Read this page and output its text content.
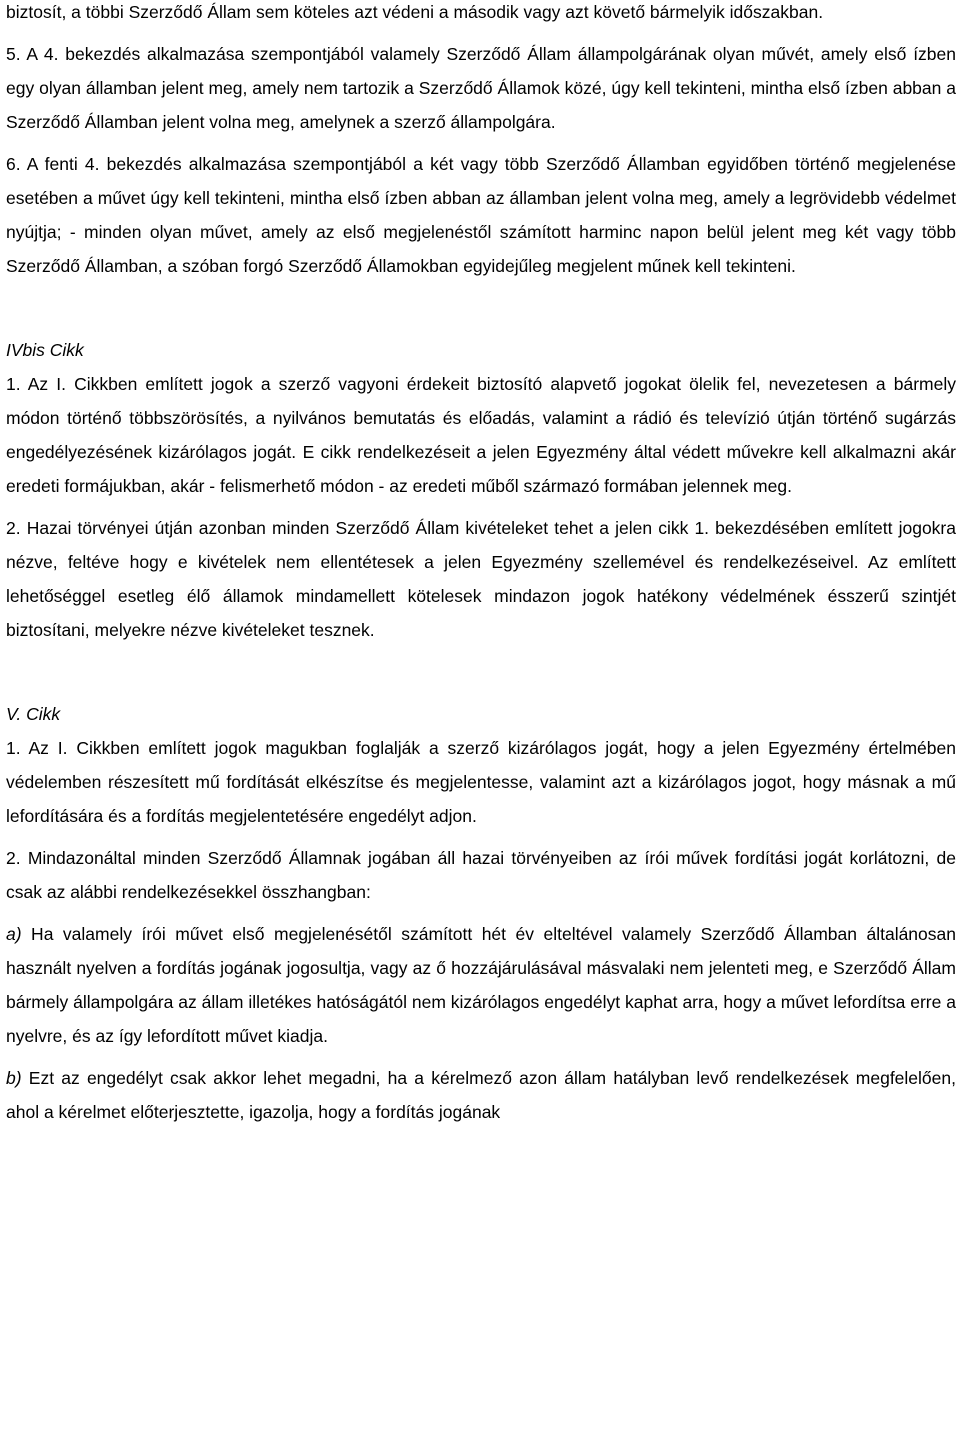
biztosít, a többi Szerződő Állam sem köteles azt védeni a második vagy azt követő bármelyik időszakban.

5. A 4. bekezdés alkalmazása szempontjából valamely Szerződő Állam állampolgárának olyan művét, amely első ízben egy olyan államban jelent meg, amely nem tartozik a Szerződő Államok közé, úgy kell tekinteni, mintha első ízben abban a Szerződő Államban jelent volna meg, amelynek a szerző állampolgára.

6. A fenti 4. bekezdés alkalmazása szempontjából a két vagy több Szerződő Államban egyidőben történő megjelenése esetében a művet úgy kell tekinteni, mintha első ízben abban az államban jelent volna meg, amely a legrövidebb védelmet nyújtja; - minden olyan művet, amely az első megjelenéstől számított harminc napon belül jelent meg két vagy több Szerződő Államban, a szóban forgó Szerződő Államokban egyidejűleg megjelent műnek kell tekinteni.

IVbis Cikk

1. Az I. Cikkben említett jogok a szerző vagyoni érdekeit biztosító alapvető jogokat ölelik fel, nevezetesen a bármely módon történő többszörösítés, a nyilvános bemutatás és előadás, valamint a rádió és televízió útján történő sugárzás engedélyezésének kizárólagos jogát. E cikk rendelkezéseit a jelen Egyezmény által védett művekre kell alkalmazni akár eredeti formájukban, akár - felismerhető módon - az eredeti műből származó formában jelennek meg.

2. Hazai törvényei útján azonban minden Szerződő Állam kivételeket tehet a jelen cikk 1. bekezdésében említett jogokra nézve, feltéve hogy e kivételek nem ellentétesek a jelen Egyezmény szellemével és rendelkezéseivel. Az említett lehetőséggel esetleg élő államok mindamellett kötelesek mindazon jogok hatékony védelmének ésszerű szintjét biztosítani, melyekre nézve kivételeket tesznek.

V. Cikk

1. Az I. Cikkben említett jogok magukban foglalják a szerző kizárólagos jogát, hogy a jelen Egyezmény értelmében védelemben részesített mű fordítását elkészítse és megjelentesse, valamint azt a kizárólagos jogot, hogy másnak a mű lefordítására és a fordítás megjelentetésére engedélyt adjon.

2. Mindazonáltal minden Szerződő Államnak jogában áll hazai törvényeiben az írói művek fordítási jogát korlátozni, de csak az alábbi rendelkezésekkel összhangban:

a) Ha valamely írói művet első megjelenésétől számított hét év elteltével valamely Szerződő Államban általánosan használt nyelven a fordítás jogának jogosultja, vagy az ő hozzájárulásával másvalaki nem jelenteti meg, e Szerződő Állam bármely állampolgára az állam illetékes hatóságától nem kizárólagos engedélyt kaphat arra, hogy a művet lefordítsa erre a nyelvre, és az így lefordított művet kiadja.

b) Ezt az engedélyt csak akkor lehet megadni, ha a kérelmező azon állam hatályban levő rendelkezések megfelelően, ahol a kérelmet előterjesztette, igazolja, hogy a fordítás jogának
